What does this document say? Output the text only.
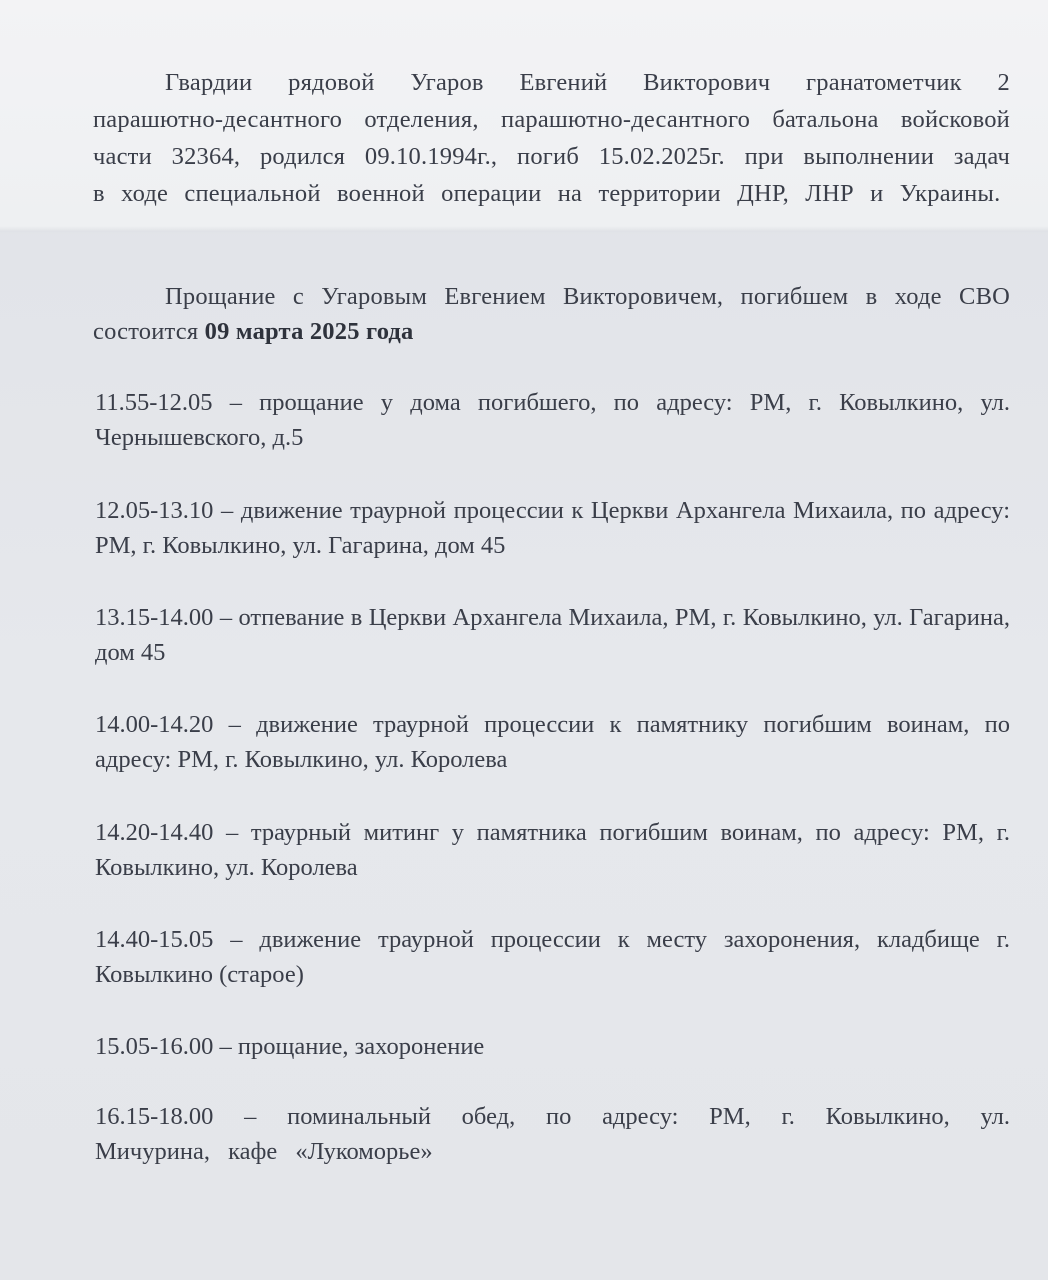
Гвардии рядовой Угаров Евгений Викторович гранатометчик 2 парашютно-десантного отделения, парашютно-десантного батальона войсковой части 32364, родился 09.10.1994г., погиб 15.02.2025г. при выполнении задач в ходе специальной военной операции на территории ДНР, ЛНР и Украины.

Прощание с Угаровым Евгением Викторовичем, погибшем в ходе СВО состоится 09 марта 2025 года

11.55-12.05 – прощание у дома погибшего, по адресу: РМ, г. Ковылкино, ул. Чернышевского, д.5

12.05-13.10 – движение траурной процессии к Церкви Архангела Михаила, по адресу: РМ, г. Ковылкино, ул. Гагарина, дом 45

13.15-14.00 – отпевание в Церкви Архангела Михаила, РМ, г. Ковылкино, ул. Гагарина, дом 45

14.00-14.20 – движение траурной процессии к памятнику погибшим воинам, по адресу: РМ, г. Ковылкино, ул. Королева

14.20-14.40 – траурный митинг у памятника погибшим воинам, по адресу: РМ, г. Ковылкино, ул. Королева

14.40-15.05 – движение траурной процессии к месту захоронения, кладбище г. Ковылкино (старое)

15.05-16.00 – прощание, захоронение

16.15-18.00 – поминальный обед, по адресу: РМ, г. Ковылкино, ул. Мичурина, кафе «Лукоморье»
